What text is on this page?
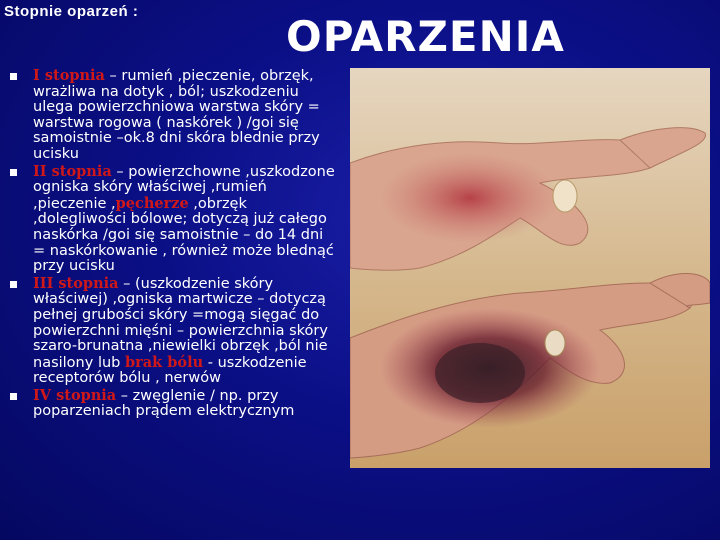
Stopnie oparzeń :
OPARZENIA
I stopnia – rumień ,pieczenie, obrzęk, wrażliwa na dotyk , ból; uszkodzeniu ulega powierzchniowa warstwa skóry = warstwa rogowa ( naskórek ) /goi się samoistnie –ok.8 dni skóra blednie przy ucisku
II stopnia – powierzchowne ,uszkodzone ogniska skóry właściwej ,rumień ,pieczenie ,pęcherze ,obrzęk ,dolegliwości bólowe; dotyczą już całego naskórka /goi się samoistnie – do 14 dni = naskórkowanie , również może blednąć przy ucisku
III stopnia – (uszkodzenie skóry właściwej) ,ogniska martwicze – dotyczą pełnej grubości skóry =mogą sięgać do powierzchni mięśni – powierzchnia skóry szaro-brunatna ,niewielki obrzęk ,ból nie nasilony lub brak bólu - uszkodzenie receptorów bólu , nerwów
IV stopnia – zwęglenie / np. przy poparzeniach prądem elektrycznym
